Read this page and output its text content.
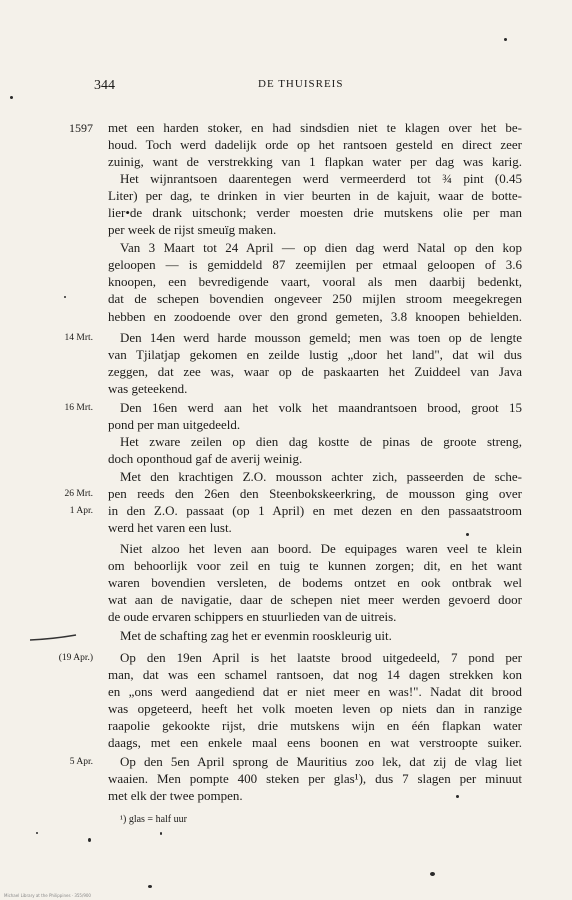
344	DE THUISREIS
1597
14 Mrt.
16 Mrt.
26 Mrt.
1 Apr.
(19 Apr.)
5 Apr.
met een harden stoker, en had sindsdien niet te klagen over het be-
houd. Toch werd dadelijk orde op het rantsoen gesteld en direct zeer
zuinig, want de verstrekking van 1 flapkan water per dag was karig.
Het wijnrantsoen daarentegen werd vermeerderd tot ¾ pint (0.45
Liter) per dag, te drinken in vier beurten in de kajuit, waar de botte-
lier•de drank uitschonk; verder moesten drie mutskens olie per man
per week de rijst smeuïg maken.
Van 3 Maart tot 24 April — op dien dag werd Natal op den kop
geloopen — is gemiddeld 87 zeemijlen per etmaal geloopen of 3.6
knoopen, een bevredigende vaart, vooral als men daarbij bedenkt,
dat de schepen bovendien ongeveer 250 mijlen stroom meegekregen
hebben en zoodoende over den grond gemeten, 3.8 knoopen behielden.
Den 14en werd harde mousson gemeld; men was toen op de lengte
van Tjilatjap gekomen en zeilde lustig „door het land", dat wil dus
zeggen, dat zee was, waar op de paskaarten het Zuiddeel van Java
was geteekend.
Den 16en werd aan het volk het maandrantsoen brood, groot 15
pond per man uitgedeeld.
Het zware zeilen op dien dag kostte de pinas de groote streng,
doch oponthoud gaf de averij weinig.
Met den krachtigen Z.O. mousson achter zich, passeerden de sche-
pen reeds den 26en den Steenbokskeerkring, de mousson ging over
in den Z.O. passaat (op 1 April) en met dezen en den passaatstroom
werd het varen een lust.
Niet alzoo het leven aan boord. De equipages waren veel te klein
om behoorlijk voor zeil en tuig te kunnen zorgen; dit, en het want
waren bovendien versleten, de bodems ontzet en ook ontbrak wel
wat aan de navigatie, daar de schepen niet meer werden gevoerd door
de oude ervaren schippers en stuurlieden van de uitreis.
Met de schafting zag het er evenmin rooskleurig uit.
Op den 19en April is het laatste brood uitgedeeld, 7 pond per
man, dat was een schamel rantsoen, dat nog 14 dagen strekken kon
en „ons werd aangediend dat er niet meer en was!". Nadat dit brood
was opgeteerd, heeft het volk moeten leven op niets dan in ranzige
raapolie gekookte rijst, drie mutskens wijn en één flapkan water
daags, met een enkele maal eens boonen en wat verstroopte suiker.
Op den 5en April sprong de Mauritius zoo lek, dat zij de vlag liet
waaien. Men pompte 400 steken per glas¹), dus 7 slagen per minuut
met elk der twee pompen.
¹) glas = half uur
Michael Library at the Philippines · 355/900
